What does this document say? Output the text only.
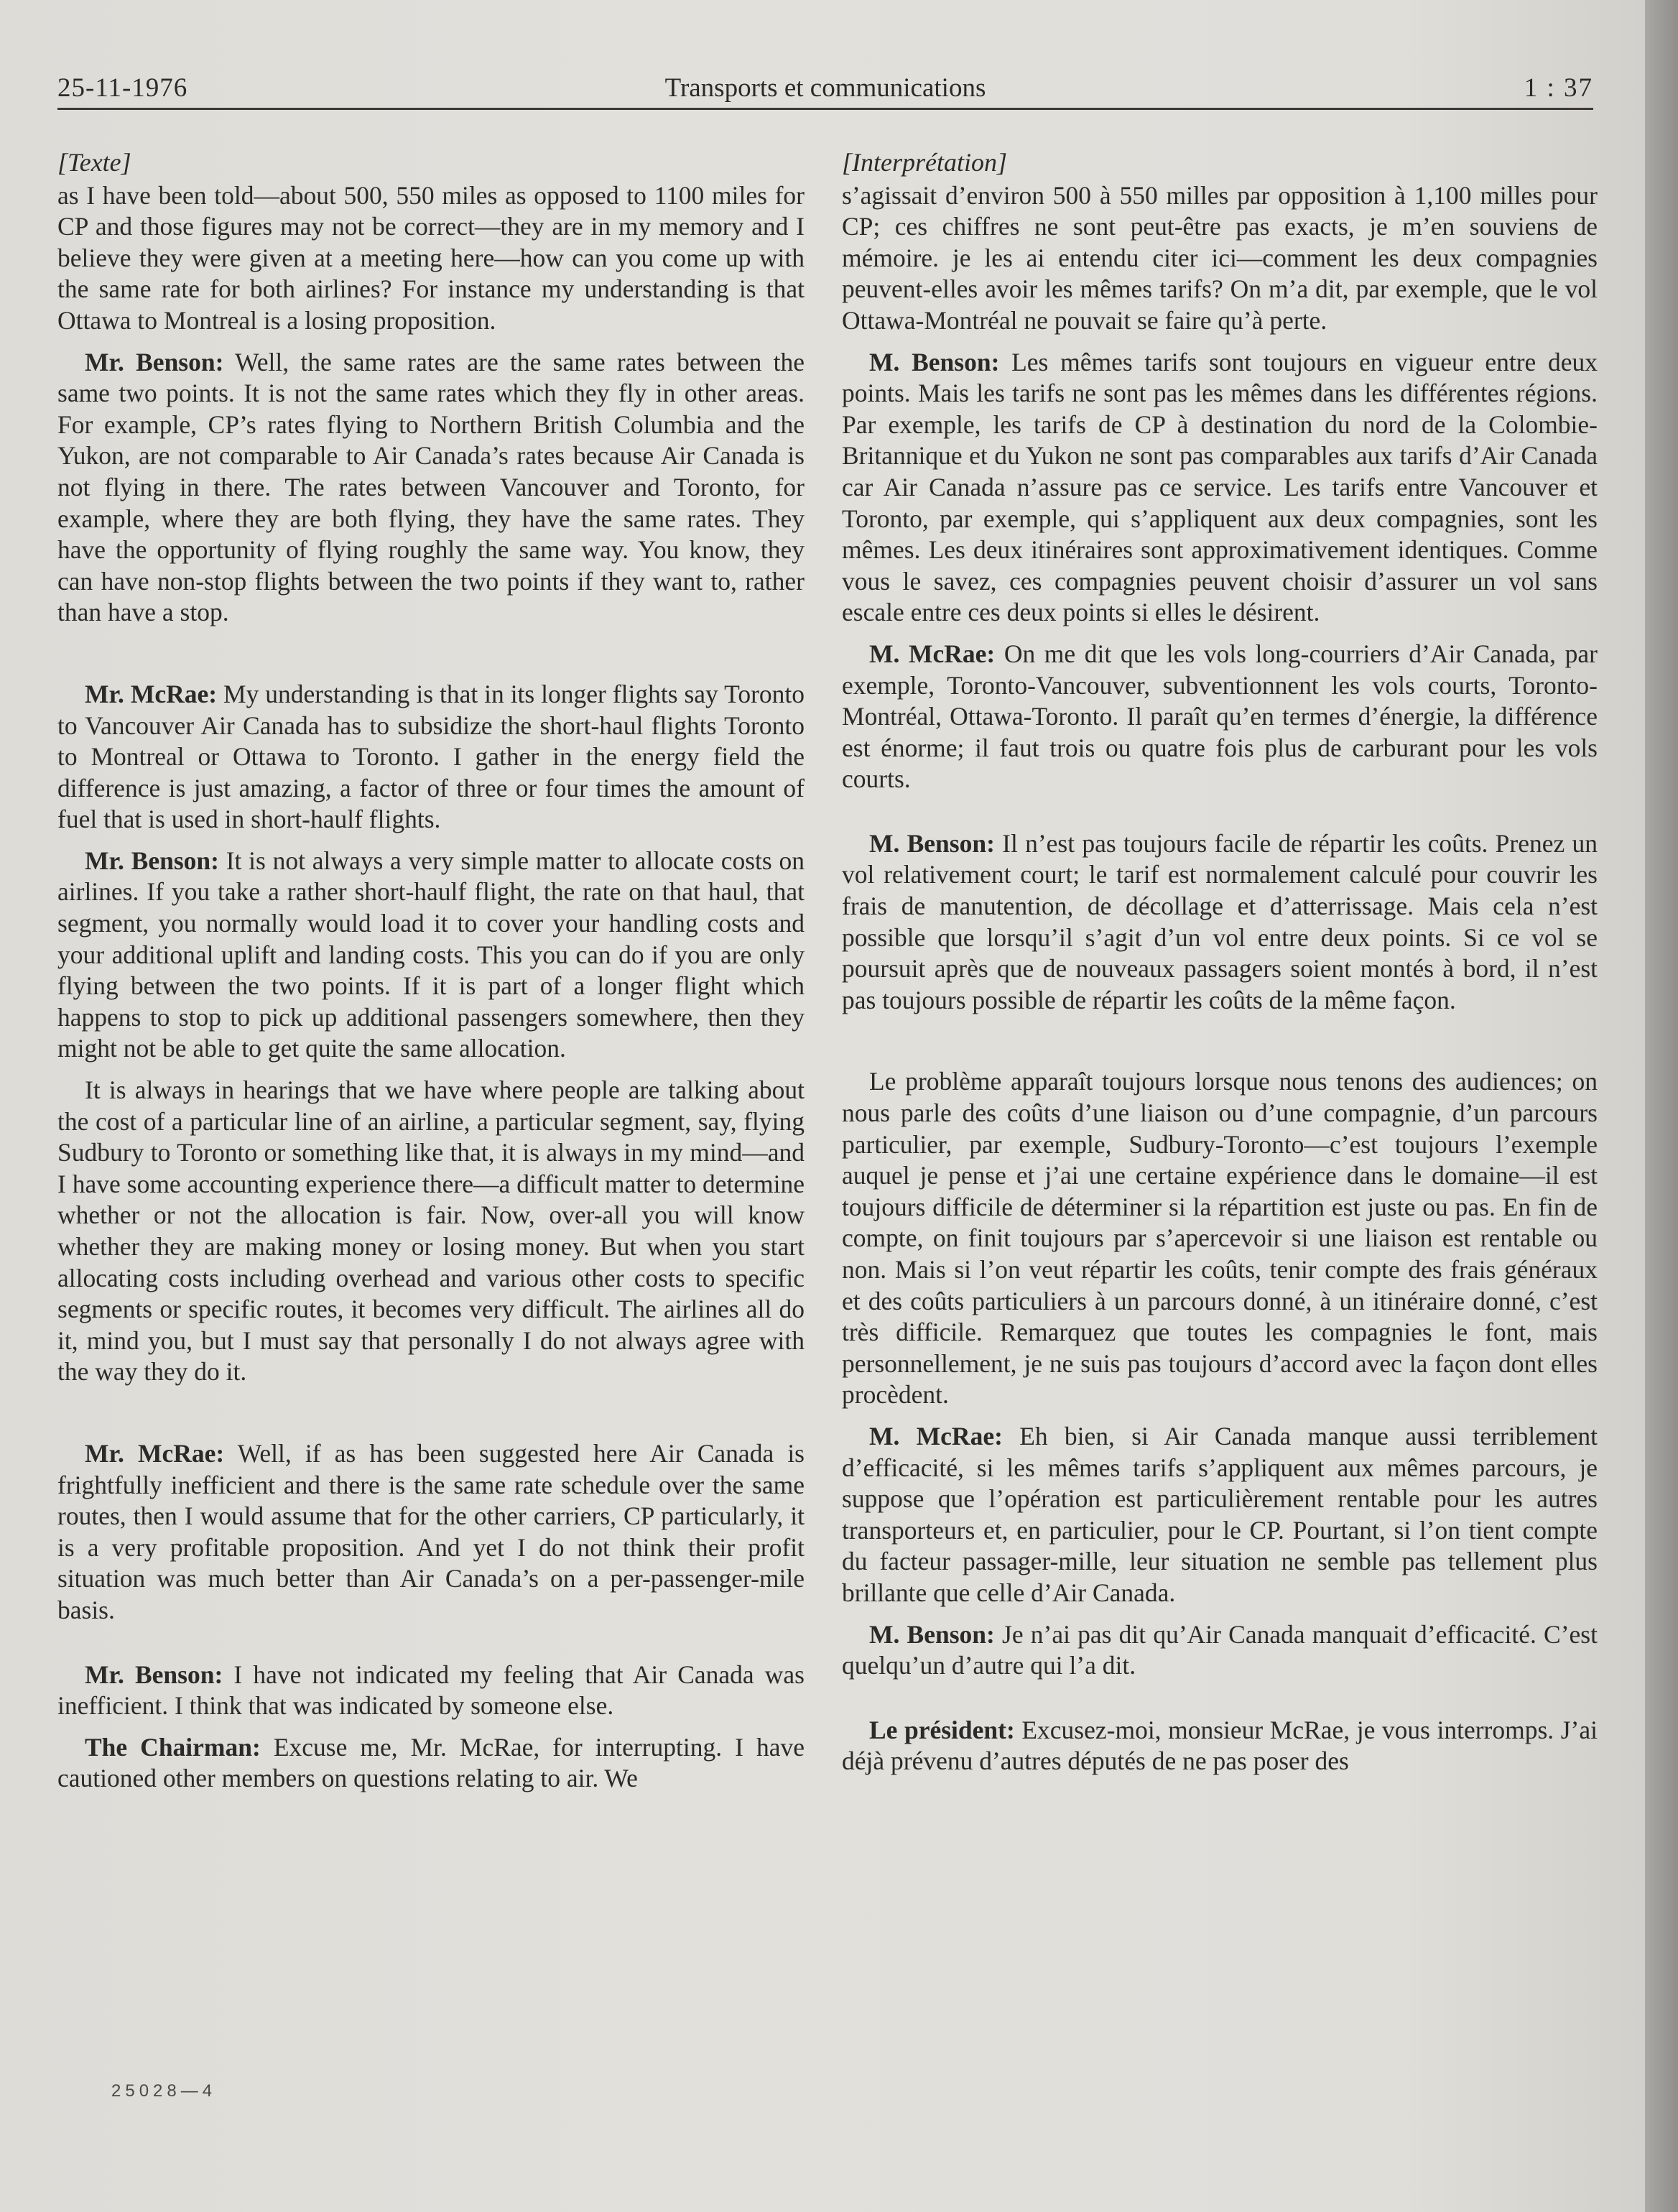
25-11-1976	Transports et communications	1 : 37

[Texte]

as I have been told—about 500, 550 miles as opposed to 1100 miles for CP and those figures may not be correct—they are in my memory and I believe they were given at a meeting here—how can you come up with the same rate for both airlines? For instance my understanding is that Ottawa to Montreal is a losing proposition.

Mr. Benson: Well, the same rates are the same rates between the same two points. It is not the same rates which they fly in other areas. For example, CP’s rates flying to Northern British Columbia and the Yukon, are not comparable to Air Canada’s rates because Air Canada is not flying in there. The rates between Vancouver and Toronto, for example, where they are both flying, they have the same rates. They have the opportunity of flying roughly the same way. You know, they can have non-stop flights between the two points if they want to, rather than have a stop.

Mr. McRae: My understanding is that in its longer flights say Toronto to Vancouver Air Canada has to subsidize the short-haul flights Toronto to Montreal or Ottawa to Toronto. I gather in the energy field the difference is just amazing, a factor of three or four times the amount of fuel that is used in short-haulf flights.

Mr. Benson: It is not always a very simple matter to allocate costs on airlines. If you take a rather short-haulf flight, the rate on that haul, that segment, you normally would load it to cover your handling costs and your additional uplift and landing costs. This you can do if you are only flying between the two points. If it is part of a longer flight which happens to stop to pick up additional passengers somewhere, then they might not be able to get quite the same allocation.

It is always in hearings that we have where people are talking about the cost of a particular line of an airline, a particular segment, say, flying Sudbury to Toronto or something like that, it is always in my mind—and I have some accounting experience there—a difficult matter to determine whether or not the allocation is fair. Now, over-all you will know whether they are making money or losing money. But when you start allocating costs including overhead and various other costs to specific segments or specific routes, it becomes very difficult. The airlines all do it, mind you, but I must say that personally I do not always agree with the way they do it.

Mr. McRae: Well, if as has been suggested here Air Canada is frightfully inefficient and there is the same rate schedule over the same routes, then I would assume that for the other carriers, CP particularly, it is a very profitable proposition. And yet I do not think their profit situation was much better than Air Canada’s on a per-passenger-mile basis.

Mr. Benson: I have not indicated my feeling that Air Canada was inefficient. I think that was indicated by someone else.

The Chairman: Excuse me, Mr. McRae, for interrupting. I have cautioned other members on questions relating to air. We

[Interprétation]

s’agissait d’environ 500 à 550 milles par opposition à 1,100 milles pour CP; ces chiffres ne sont peut-être pas exacts, je m’en souviens de mémoire. je les ai entendu citer ici—comment les deux compagnies peuvent-elles avoir les mêmes tarifs? On m’a dit, par exemple, que le vol Ottawa-Montréal ne pouvait se faire qu’à perte.

M. Benson: Les mêmes tarifs sont toujours en vigueur entre deux points. Mais les tarifs ne sont pas les mêmes dans les différentes régions. Par exemple, les tarifs de CP à destination du nord de la Colombie-Britannique et du Yukon ne sont pas comparables aux tarifs d’Air Canada car Air Canada n’assure pas ce service. Les tarifs entre Vancouver et Toronto, par exemple, qui s’appliquent aux deux compagnies, sont les mêmes. Les deux itinéraires sont approximativement identiques. Comme vous le savez, ces compagnies peuvent choisir d’assurer un vol sans escale entre ces deux points si elles le désirent.

M. McRae: On me dit que les vols long-courriers d’Air Canada, par exemple, Toronto-Vancouver, subventionnent les vols courts, Toronto-Montréal, Ottawa-Toronto. Il paraît qu’en termes d’énergie, la différence est énorme; il faut trois ou quatre fois plus de carburant pour les vols courts.

M. Benson: Il n’est pas toujours facile de répartir les coûts. Prenez un vol relativement court; le tarif est normalement calculé pour couvrir les frais de manutention, de décollage et d’atterrissage. Mais cela n’est possible que lorsqu’il s’agit d’un vol entre deux points. Si ce vol se poursuit après que de nouveaux passagers soient montés à bord, il n’est pas toujours possible de répartir les coûts de la même façon.

Le problème apparaît toujours lorsque nous tenons des audiences; on nous parle des coûts d’une liaison ou d’une compagnie, d’un parcours particulier, par exemple, Sudbury-Toronto—c’est toujours l’exemple auquel je pense et j’ai une certaine expérience dans le domaine—il est toujours difficile de déterminer si la répartition est juste ou pas. En fin de compte, on finit toujours par s’apercevoir si une liaison est rentable ou non. Mais si l’on veut répartir les coûts, tenir compte des frais généraux et des coûts particuliers à un parcours donné, à un itinéraire donné, c’est très difficile. Remarquez que toutes les compagnies le font, mais personnellement, je ne suis pas toujours d’accord avec la façon dont elles procèdent.

M. McRae: Eh bien, si Air Canada manque aussi terriblement d’efficacité, si les mêmes tarifs s’appliquent aux mêmes parcours, je suppose que l’opération est particulièrement rentable pour les autres transporteurs et, en particulier, pour le CP. Pourtant, si l’on tient compte du facteur passager-mille, leur situation ne semble pas tellement plus brillante que celle d’Air Canada.

M. Benson: Je n’ai pas dit qu’Air Canada manquait d’efficacité. C’est quelqu’un d’autre qui l’a dit.

Le président: Excusez-moi, monsieur McRae, je vous interromps. J’ai déjà prévenu d’autres députés de ne pas poser des

25028—4
